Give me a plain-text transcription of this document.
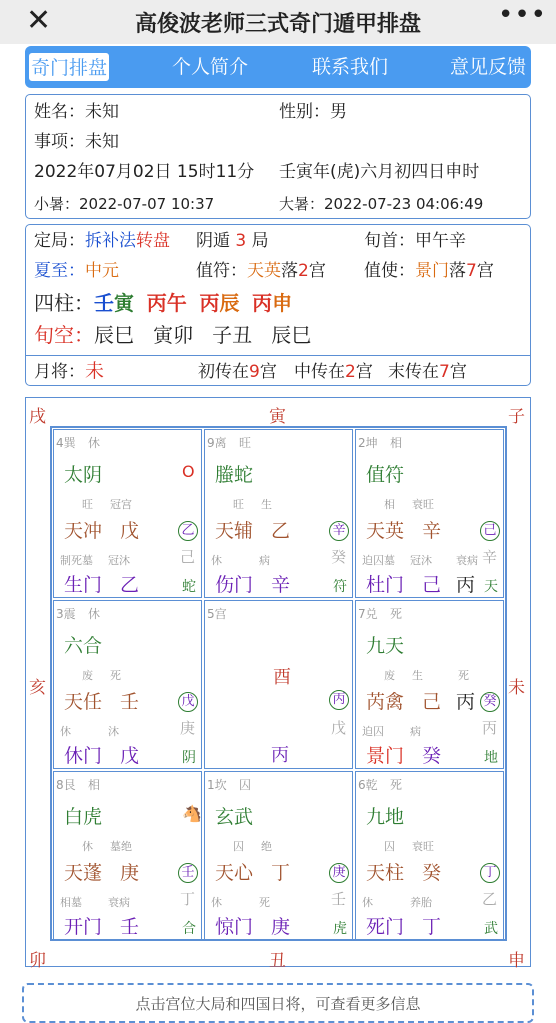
✕	高俊波老师三式奇门遁甲排盘	•••
奇门排盘	个人简介	联系我们	意见反馈
姓名：未知	性别：男
事项：未知
2022年07月02日 15时11分 壬寅年(虎)六月初四日申时
小暑：2022-07-07 10:37	大暑：2022-07-23 04:06:49
定局：拆补法转盘 阴遁 3 局	旬首：甲午辛
夏至：中元	值符：天英落2宫 值使：景门落7宫
四柱：壬寅 丙午 丙辰 丙申
旬空：辰巳 寅卯 子丑 辰巳
月将：未	初传在9宫 中传在2宫 末传在7宫
戌	寅	子
亥	未
卯	丑	申
4巽 休
太阴	O
旺 冠宫
天冲 戊	乙
制死墓 冠沐	己
生门 乙	蛇
9离 旺
螣蛇
旺 生
天辅 乙	辛
休	病	癸
伤门 辛	符
2坤 相
值符
相 衰旺
天英 辛	己
迫囚墓 冠沐 衰病 辛
杜门 己 丙 天
3震 休
六合
废 死
天任 壬	戊
休	沐	庚
休门 戊	阴
5宫
酉
丙
丙
戊
7兑 死
九天
废 生	死
芮禽 己 丙 癸
迫囚 病	丙
景门 癸	地
8艮 相
白虎	🐴
休 墓绝
天蓬 庚	壬
相墓 衰病	丁
开门 壬	合
1坎 囚
玄武
囚 绝
天心 丁	庚
休	死	壬
惊门 庚	虎
6乾 死
九地
囚 衰旺
天柱 癸	丁
休	养胎	乙
死门 丁	武
点击宫位大局和四国日将，可查看更多信息
